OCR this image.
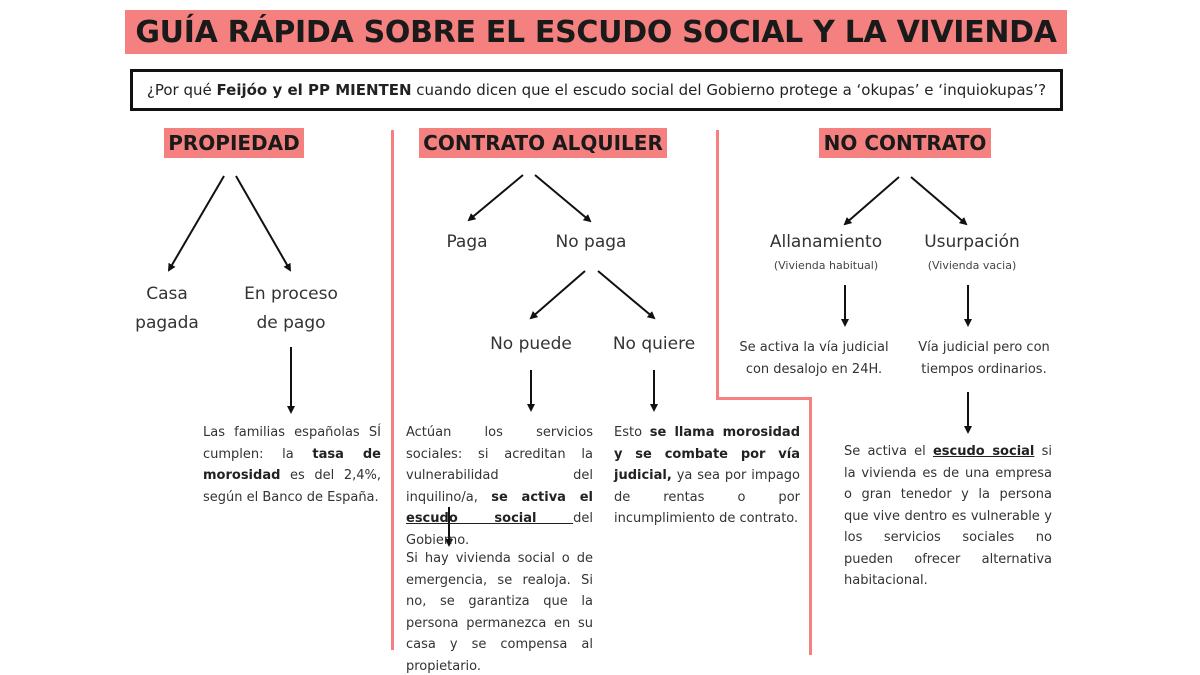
GUÍA RÁPIDA SOBRE EL ESCUDO SOCIAL Y LA VIVIENDA
¿Por qué Feijóo y el PP MIENTEN cuando dicen que el escudo social del Gobierno protege a ‘okupas’ e ‘inquiokupas’?
PROPIEDAD	CONTRATO ALQUILER	NO CONTRATO
Casa pagada
En proceso de pago
Las familias españolas SÍ cumplen: la tasa de morosidad es del 2,4%, según el Banco de España.
Paga	No paga
No puede	No quiere
Actúan los servicios sociales: si acreditan la vulnerabilidad del inquilino/a, se activa el escudo social del Gobierno.
Si hay vivienda social o de emergencia, se realoja. Si no, se garantiza que la persona permanezca en su casa y se compensa al propietario.
Esto se llama morosidad y se combate por vía judicial, ya sea por impago de rentas o por incumplimiento de contrato.
Allanamiento
(Vivienda habitual)
Usurpación
(Vivienda vacia)
Se activa la vía judicial con desalojo en 24H.
Vía judicial pero con tiempos ordinarios.
Se activa el escudo social si la vivienda es de una empresa o gran tenedor y la persona que vive dentro es vulnerable y los servicios sociales no pueden ofrecer alternativa habitacional.
